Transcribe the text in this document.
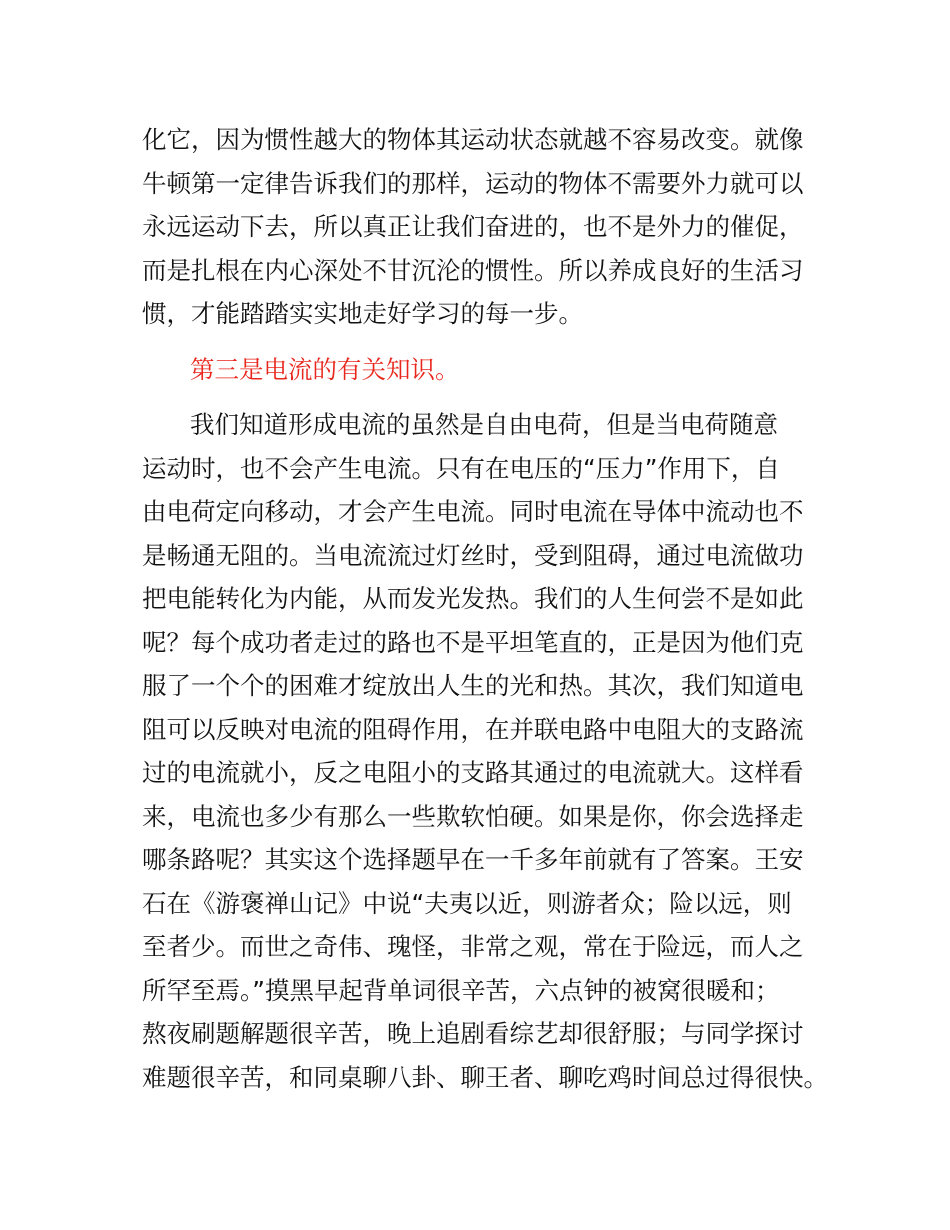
化它，因为惯性越大的物体其运动状态就越不容易改变。就像
牛顿第一定律告诉我们的那样，运动的物体不需要外力就可以
永远运动下去，所以真正让我们奋进的，也不是外力的催促，
而是扎根在内心深处不甘沉沦的惯性。所以养成良好的生活习
惯，才能踏踏实实地走好学习的每一步。
第三是电流的有关知识。
我们知道形成电流的虽然是自由电荷，但是当电荷随意
运动时，也不会产生电流。只有在电压的“压力”作用下，自
由电荷定向移动，才会产生电流。同时电流在导体中流动也不
是畅通无阻的。当电流流过灯丝时，受到阻碍，通过电流做功
把电能转化为内能，从而发光发热。我们的人生何尝不是如此
呢？每个成功者走过的路也不是平坦笔直的，正是因为他们克
服了一个个的困难才绽放出人生的光和热。其次，我们知道电
阻可以反映对电流的阻碍作用，在并联电路中电阻大的支路流
过的电流就小，反之电阻小的支路其通过的电流就大。这样看
来，电流也多少有那么一些欺软怕硬。如果是你，你会选择走
哪条路呢？其实这个选择题早在一千多年前就有了答案。王安
石在《游褒禅山记》中说“夫夷以近，则游者众；险以远，则
至者少。而世之奇伟、瑰怪，非常之观，常在于险远，而人之
所罕至焉。”摸黑早起背单词很辛苦，六点钟的被窝很暖和；
熬夜刷题解题很辛苦，晚上追剧看综艺却很舒服；与同学探讨
难题很辛苦，和同桌聊八卦、聊王者、聊吃鸡时间总过得很快。
